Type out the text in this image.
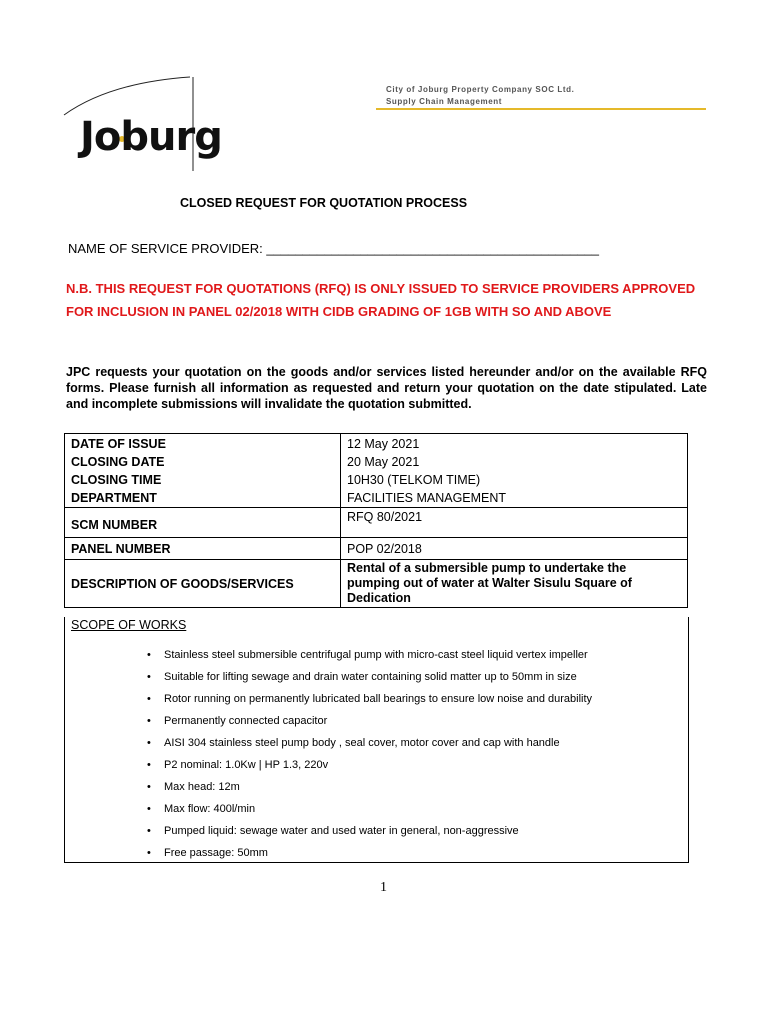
Joburg
City of Joburg Property Company SOC Ltd.
Supply Chain Management
CLOSED REQUEST FOR QUOTATION PROCESS
NAME OF SERVICE PROVIDER: ______________________________________________
N.B. THIS REQUEST FOR QUOTATIONS (RFQ) IS ONLY ISSUED TO SERVICE PROVIDERS APPROVED FOR INCLUSION IN PANEL 02/2018 WITH CIDB GRADING OF 1GB WITH SO AND ABOVE
JPC requests your quotation on the goods and/or services listed hereunder and/or on the available RFQ forms. Please furnish all information as requested and return your quotation on the date stipulated. Late and incomplete submissions will invalidate the quotation submitted.
DATE OF ISSUE	12 May 2021
CLOSING DATE	20 May 2021
CLOSING TIME	10H30 (TELKOM TIME)
DEPARTMENT	FACILITIES MANAGEMENT
SCM NUMBER	RFQ 80/2021
PANEL NUMBER	POP 02/2018
DESCRIPTION OF GOODS/SERVICES	Rental of a submersible pump to undertake the pumping out of water at Walter Sisulu Square of Dedication
SCOPE OF WORKS
• Stainless steel submersible centrifugal pump with micro-cast steel liquid vertex impeller
• Suitable for lifting sewage and drain water containing solid matter up to 50mm in size
• Rotor running on permanently lubricated ball bearings to ensure low noise and durability
• Permanently connected capacitor
• AISI 304 stainless steel pump body , seal cover, motor cover and cap with handle
• P2 nominal: 1.0Kw | HP 1.3, 220v
• Max head: 12m
• Max flow: 400l/min
• Pumped liquid: sewage water and used water in general, non-aggressive
• Free passage: 50mm
1
